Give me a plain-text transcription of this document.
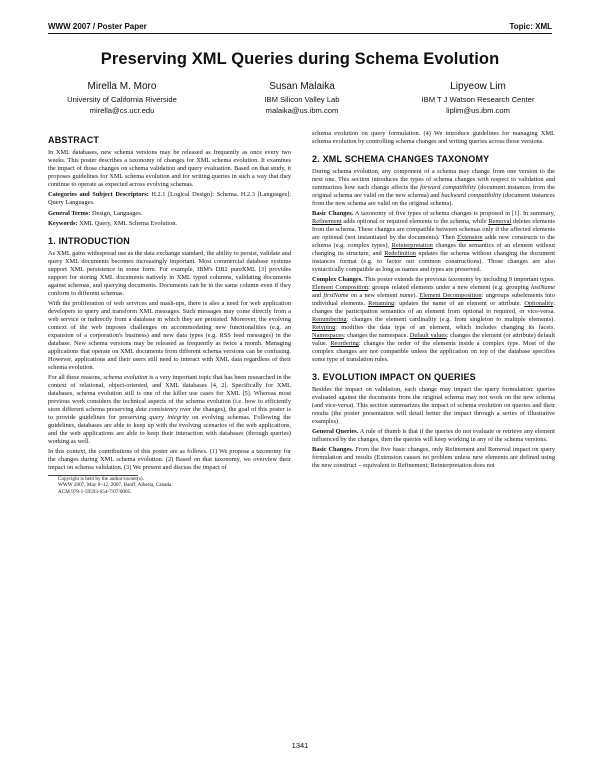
WWW 2007 / Poster Paper	Topic: XML
Preserving XML Queries during Schema Evolution
Mirella M. Moro
University of California Riverside
mirella@cs.ucr.edu
Susan Malaika
IBM Silicon Valley Lab
malaika@us.ibm.com
Lipyeow Lim
IBM T J Watson Research Center
liplim@us.ibm.com
ABSTRACT

In XML databases, new schema versions may be released as frequently as once every two weeks. This poster describes a taxonomy of changes for XML schema evolution. It examines the impact of those changes on schema validation and query evaluation. Based on that study, it proposes guidelines for XML schema evolution and for writing queries in such a way that they continue to operate as expected across evolving schemas.

Categories and Subject Descriptors: H.2.1 [Logical Design]: Schema. H.2.3 [Languages]: Query Languages.

General Terms: Design, Languages.

Keywords: XML Query, XML Schema Evolution.

1. INTRODUCTION

As XML gains widespread use as the data exchange standard, the ability to persist, validate and query XML documents becomes increasingly important. Most commercial database systems support XML persistence in some form. For example, IBM's DB2 pureXML [3] provides support for storing XML documents natively in XML typed columns, validating documents against schemas, and querying documents. Documents can be in the same column even if they conform to different schemas.

With the proliferation of web services and mash-ups, there is also a need for web application developers to query and transform XML messages. Such messages may come directly from a web service or indirectly from a database in which they are persisted. Moreover, the evolving context of the web imposes challenges on accommodating new functionalities (e.g. an expansion of a corporation's business) and new data types (e.g. RSS feed messages) in the database. New schema versions may be released as frequently as twice a month. Managing applications that operate on XML documents from different schema versions can be confusing. However, applications and their users still need to interact with XML data regardless of their schema evolution.

For all these reasons, schema evolution is a very important topic that has been researched in the context of relational, object-oriented, and XML databases [4, 2]. Specifically for XML databases, schema evolution still is one of the killer use cases for XML [5]. Whereas most previous work considers the technical aspects of the schema evolution (i.e. how to efficiently store different schema preserving data consistency over the changes), the goal of this poster is to provide guidelines for preserving query integrity on evolving schemas. Following the guidelines, databases are able to keep up with the evolving scenarios of the web applications, and the web applications are able to keep their interaction with databases (through queries) working as well.

In this context, the contributions of this poster are as follows. (1) We propose a taxonomy for the changes during XML schema evolution. (2) Based on that taxonomy, we overview their impact on schema validation. (3) We present and discuss the impact of

Copyright is held by the author/owner(s).
WWW 2007, May 8–12, 2007, Banff, Alberta, Canada.
ACM 978-1-59593-654-7/07/0005.

schema evolution on query formulation. (4) We introduce guidelines for managing XML schema evolution by controlling schema changes and writing queries across those versions.

2. XML SCHEMA CHANGES TAXONOMY

During schema evolution, any component of a schema may change from one version to the next one. This section introduces the types of schema changes with respect to validation and summarizes how each change affects the forward compatibility (document instances from the original schema are valid on the new schema) and backward compatibility (document instances from the new schema are valid on the original schema).

Basic Changes. A taxonomy of five types of schema changes is proposed in [1]. In summary, Refinement adds optional or required elements to the schema, while Removal deletes elements from the schema. These changes are compatible between schemas only if the affected elements are optional (not instantiated by the documents). Then Extension adds new constructs to the schema (e.g. complex types), Reinterpretation changes the semantics of an element without changing its structure, and Redefinition updates the schema without changing the document instances format (e.g. to factor out common constructions). Those changes are also syntactically compatible as long as names and types are preserved.

Complex Changes. This poster extends the previous taxonomy by including 9 important types. Element Composition: groups related elements under a new element (e.g. grouping lastName and firstName on a new element name). Element Decomposition: ungroups subelements into individual elements. Renaming: updates the name of an element or attribute. Optionality: changes the participation semantics of an element from optional to required, or vice-versa. Renumbering: changes the element cardinality (e.g. from singleton to multiple elements). Retyping: modifies the data type of an element, which includes changing its facets. Namespaces: changes the namespace. Default values: changes the element (or attribute) default value. Reordering: changes the order of the elements inside a complex type. Most of the complex changes are not compatible unless the application on top of the database specifies some type of translation rules.

3. EVOLUTION IMPACT ON QUERIES

Besides the impact on validation, each change may impact the query formulation: queries evaluated against the documents from the original schema may not work on the new schema (and vice-versa). This section summarizes the impact of schema evolution on queries and their results (the poster presentation will detail better the impact through a series of illustrative examples).

General Queries. A rule of thumb is that if the queries do not evaluate or retrieve any element influenced by the changes, then the queries will keep working in any of the schema versions.

Basic Changes. From the five basic changes, only Refinement and Removal impact on query formulation and results (Extension causes no problem unless new elements are defined using the new construct – equivalent to Refinement; Reinterpretation does not

1341
